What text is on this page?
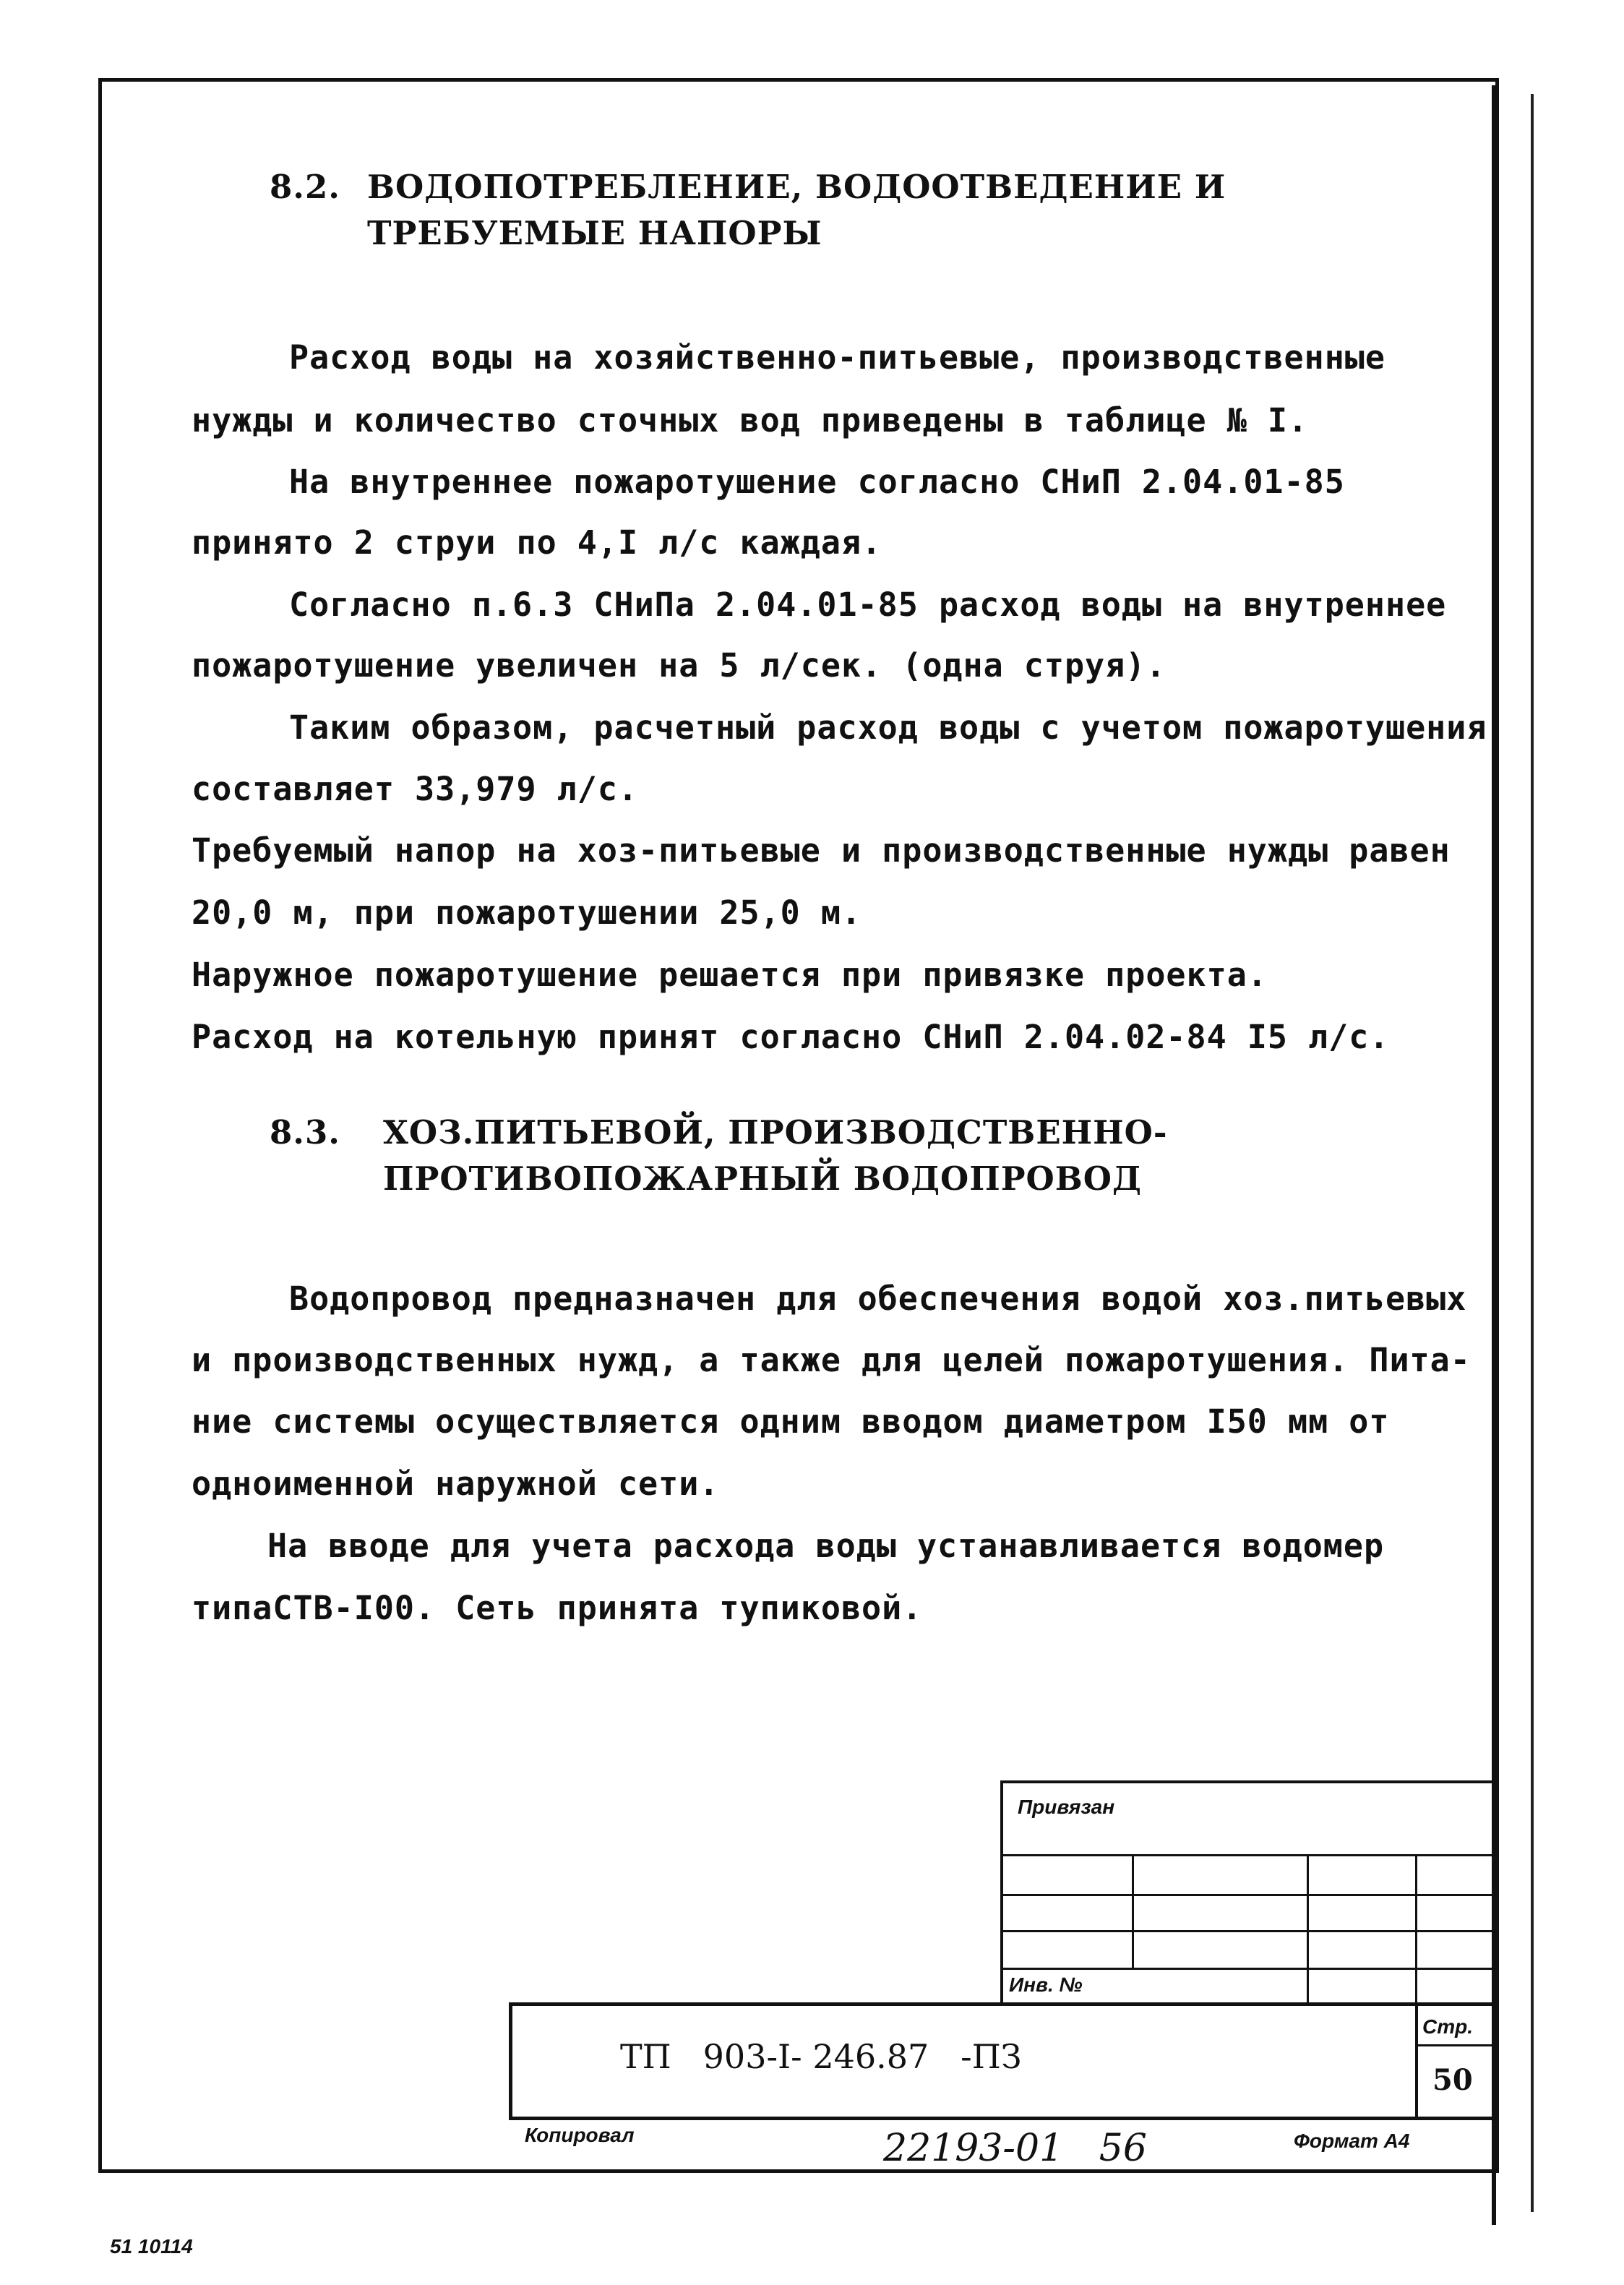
8.2. ВОДОПОТРЕБЛЕНИЕ, ВОДООТВЕДЕНИЕ И
ТРЕБУЕМЫЕ НАПОРЫ
Расход воды на хозяйственно-питьевые, производственные
нужды и количество сточных вод приведены в таблице № I.
На внутреннее пожаротушение согласно СНиП 2.04.01-85
принято 2 струи по 4,I л/с каждая.
Согласно п.6.3 СНиПа 2.04.01-85 расход воды на внутреннее
пожаротушение увеличен на 5 л/сек. (одна струя).
Таким образом, расчетный расход воды с учетом пожаротушения
составляет 33,979 л/с.
Требуемый напор на хоз-питьевые и производственные нужды равен
20,0 м, при пожаротушении 25,0 м.
Наружное пожаротушение решается при привязке проекта.
Расход на котельную принят согласно СНиП 2.04.02-84 I5 л/с.
8.3. ХОЗ.ПИТЬЕВОЙ, ПРОИЗВОДСТВЕННО-
ПРОТИВОПОЖАРНЫЙ ВОДОПРОВОД
Водопровод предназначен для обеспечения водой хоз.питьевых
и производственных нужд, а также для целей пожаротушения. Пита-
ние системы осуществляется одним вводом диаметром I50 мм от
одноименной наружной сети.
На вводе для учета расхода воды устанавливается водомер
типаСТВ-I00. Сеть принята тупиковой.
Привязан
Инв. №
ТП   903-I- 246.87   -ПЗ
Стр.
50
Копировал	22193-01   56	Формат А4
51 10114
